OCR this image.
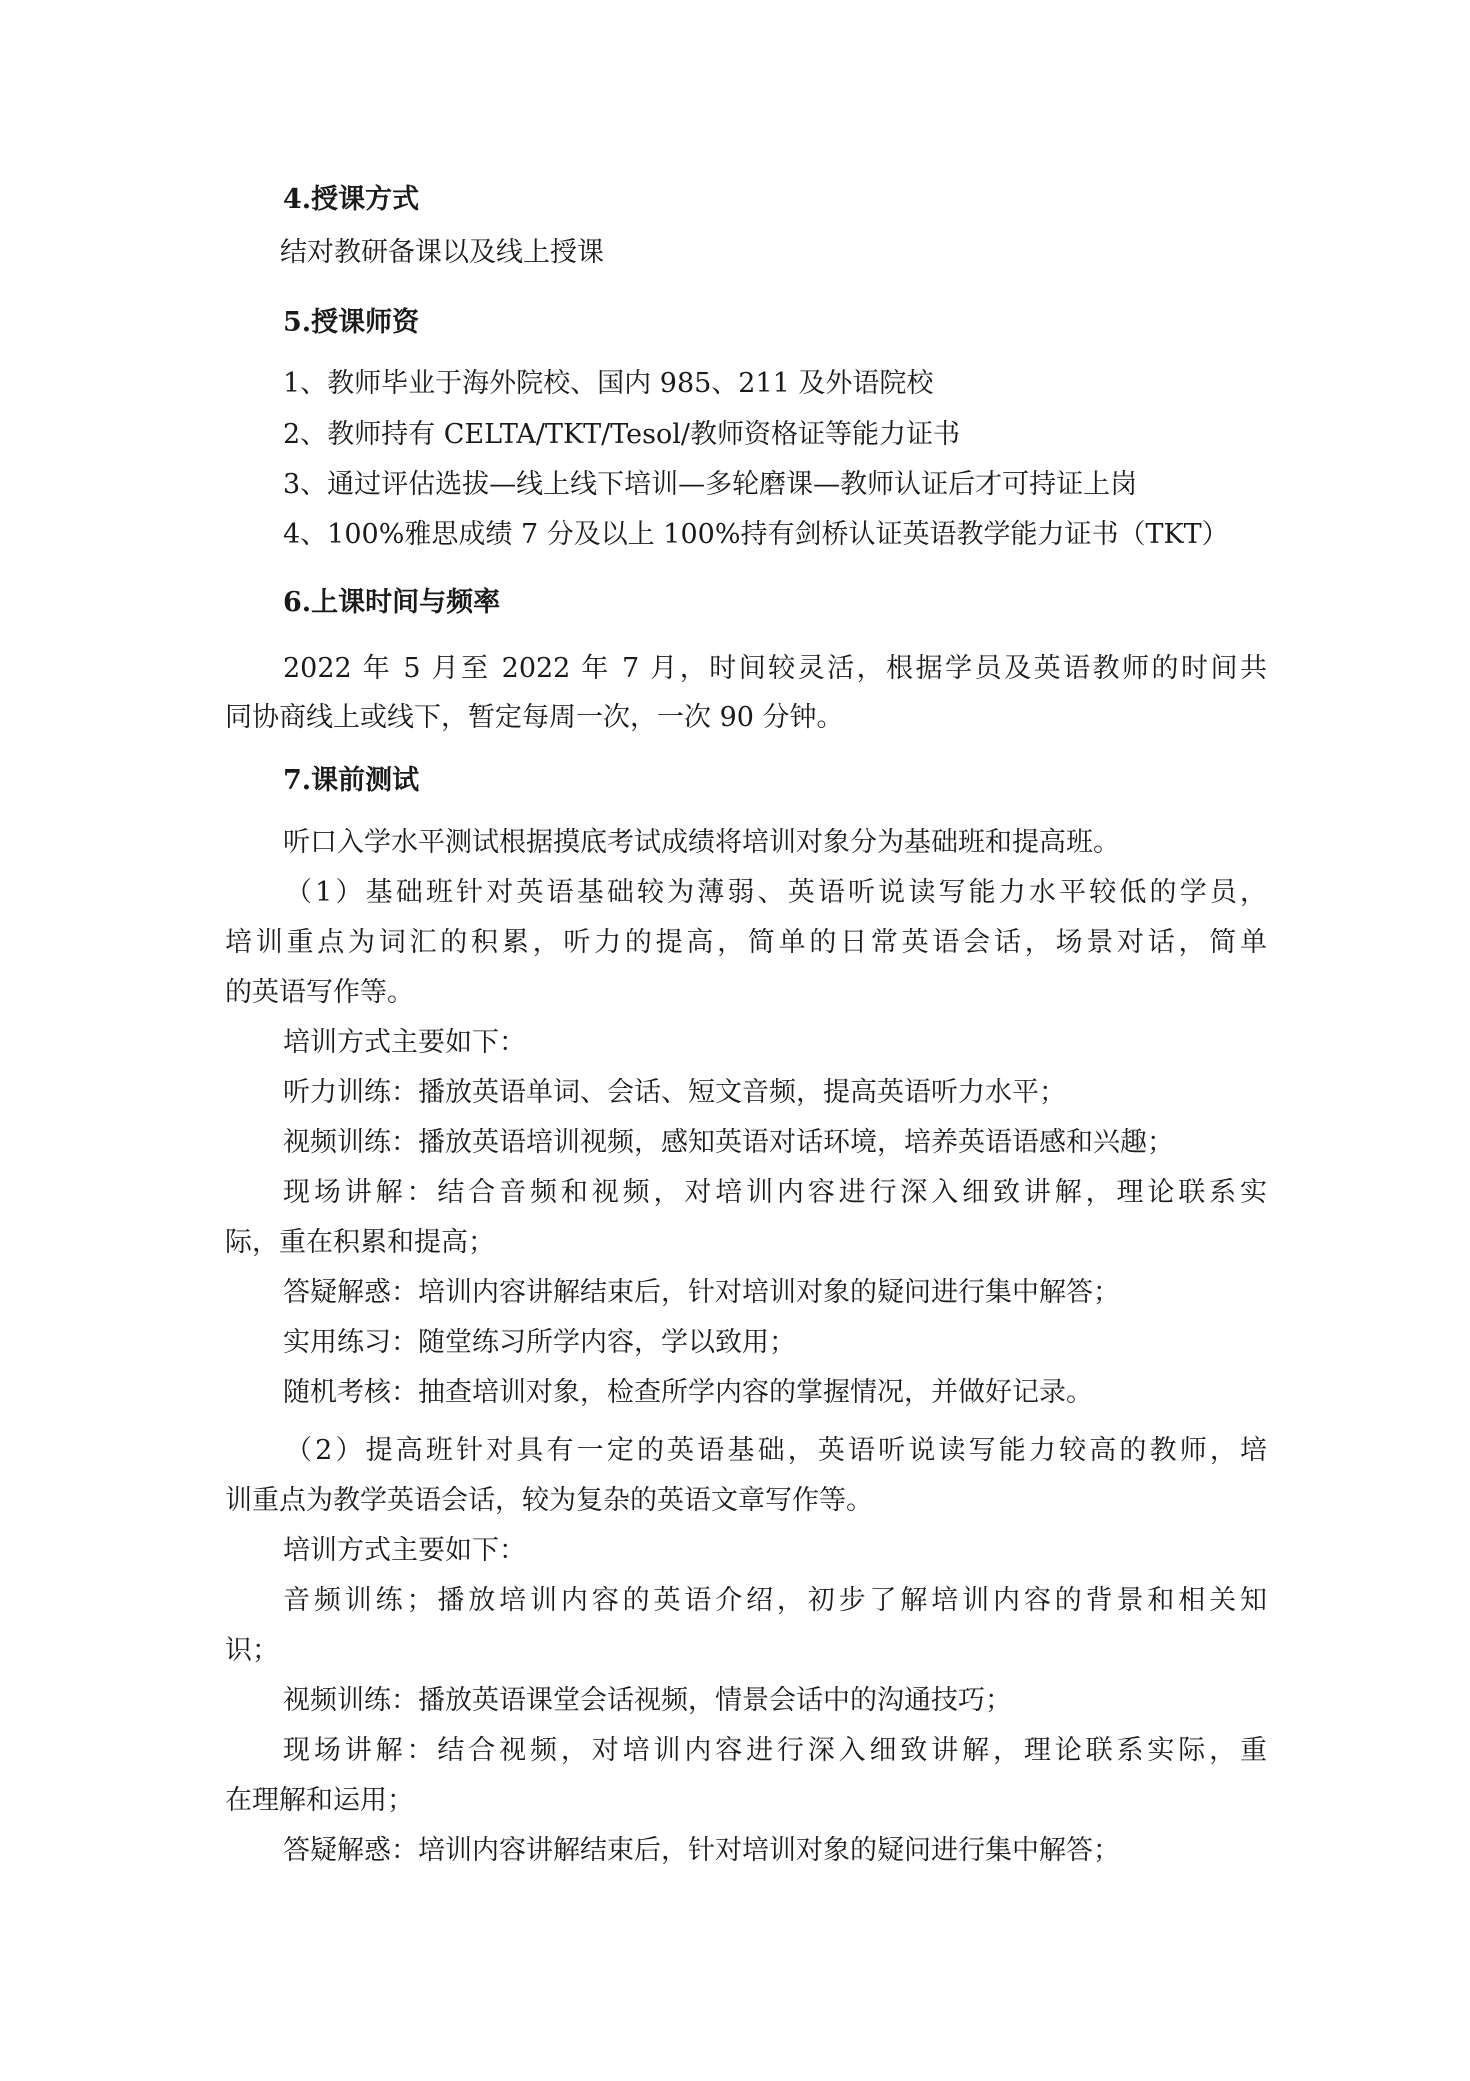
4.授课方式
结对教研备课以及线上授课
5.授课师资
1、教师毕业于海外院校、国内 985、211 及外语院校
2、教师持有 CELTA/TKT/Tesol/教师资格证等能力证书
3、通过评估选拔—线上线下培训—多轮磨课—教师认证后才可持证上岗
4、100%雅思成绩 7 分及以上 100%持有剑桥认证英语教学能力证书（TKT）
6.上课时间与频率
2022 年 5 月至 2022 年 7 月，时间较灵活，根据学员及英语教师的时间共
同协商线上或线下，暂定每周一次，一次 90 分钟。
7.课前测试
听口入学水平测试根据摸底考试成绩将培训对象分为基础班和提高班。
（1）基础班针对英语基础较为薄弱、英语听说读写能力水平较低的学员，
培训重点为词汇的积累，听力的提高，简单的日常英语会话，场景对话，简单
的英语写作等。
培训方式主要如下：
听力训练：播放英语单词、会话、短文音频，提高英语听力水平；
视频训练：播放英语培训视频，感知英语对话环境，培养英语语感和兴趣；
现场讲解：结合音频和视频，对培训内容进行深入细致讲解，理论联系实
际，重在积累和提高；
答疑解惑：培训内容讲解结束后，针对培训对象的疑问进行集中解答；
实用练习：随堂练习所学内容，学以致用；
随机考核：抽查培训对象，检查所学内容的掌握情况，并做好记录。
（2）提高班针对具有一定的英语基础，英语听说读写能力较高的教师，培
训重点为教学英语会话，较为复杂的英语文章写作等。
培训方式主要如下：
音频训练；播放培训内容的英语介绍，初步了解培训内容的背景和相关知
识；
视频训练：播放英语课堂会话视频，情景会话中的沟通技巧；
现场讲解：结合视频，对培训内容进行深入细致讲解，理论联系实际，重
在理解和运用；
答疑解惑：培训内容讲解结束后，针对培训对象的疑问进行集中解答；
